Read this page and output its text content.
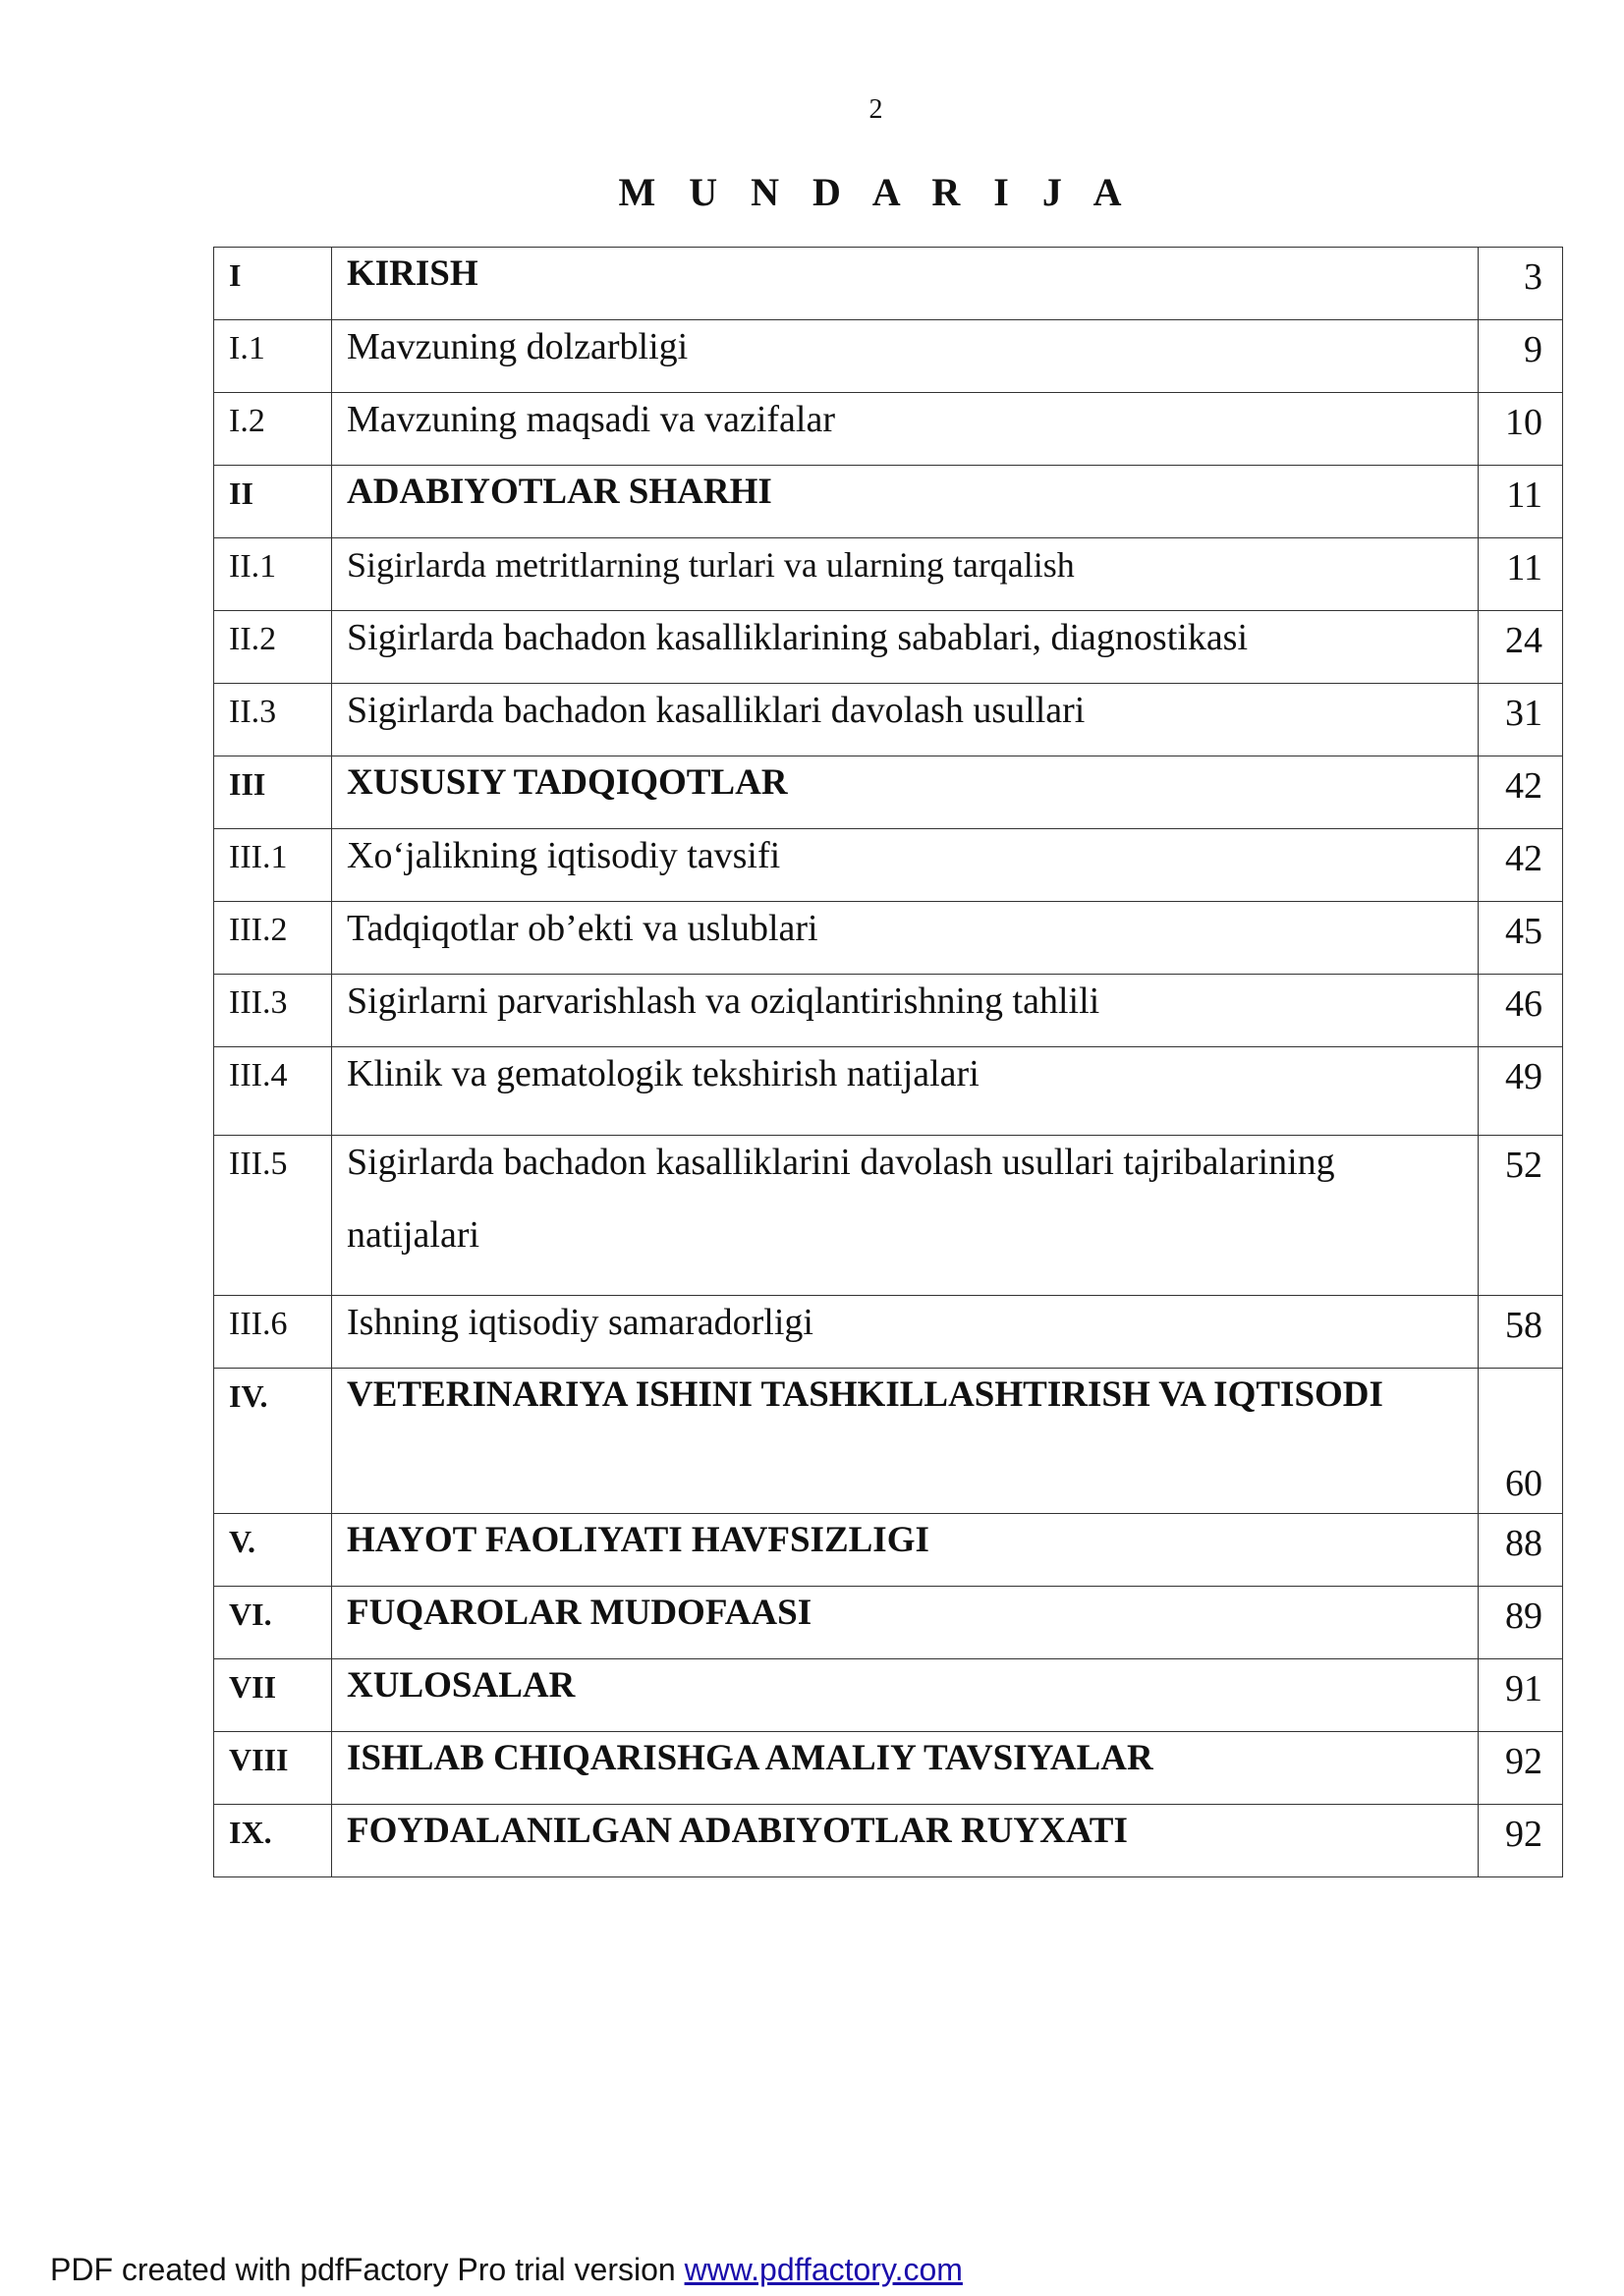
2
M U N D A R I J A
I	KIRISH	3
I.1	Mavzuning dolzarbligi	9
I.2	Mavzuning maqsadi va vazifalar	10
II	ADABIYOTLAR SHARHI	11
II.1	Sigirlarda metritlarning turlari va ularning tarqalish	11
II.2	Sigirlarda bachadon kasalliklarining sabablari, diagnostikasi	24
II.3	Sigirlarda bachadon kasalliklari davolash usullari	31
III	XUSUSIY TADQIQOTLAR	42
III.1	Xo‘jalikning iqtisodiy tavsifi	42
III.2	Tadqiqotlar ob’ekti va uslublari	45
III.3	Sigirlarni parvarishlash va oziqlantirishning tahlili	46
III.4	Klinik va gematologik tekshirish natijalari	49
III.5	Sigirlarda bachadon kasalliklarini davolash usullari tajribalarining natijalari	52
III.6	Ishning iqtisodiy samaradorligi	58
IV.	VETERINARIYA ISHINI TASHKILLASHTIRISH VA IQTISODI	60
V.	HAYOT FAOLIYATI HAVFSIZLIGI	88
VI.	FUQAROLAR MUDOFAASI	89
VII	XULOSALAR	91
VIII	ISHLAB CHIQARISHGA AMALIY TAVSIYALAR	92
IX.	FOYDALANILGAN ADABIYOTLAR RUYXATI	92
PDF created with pdfFactory Pro trial version www.pdffactory.com
